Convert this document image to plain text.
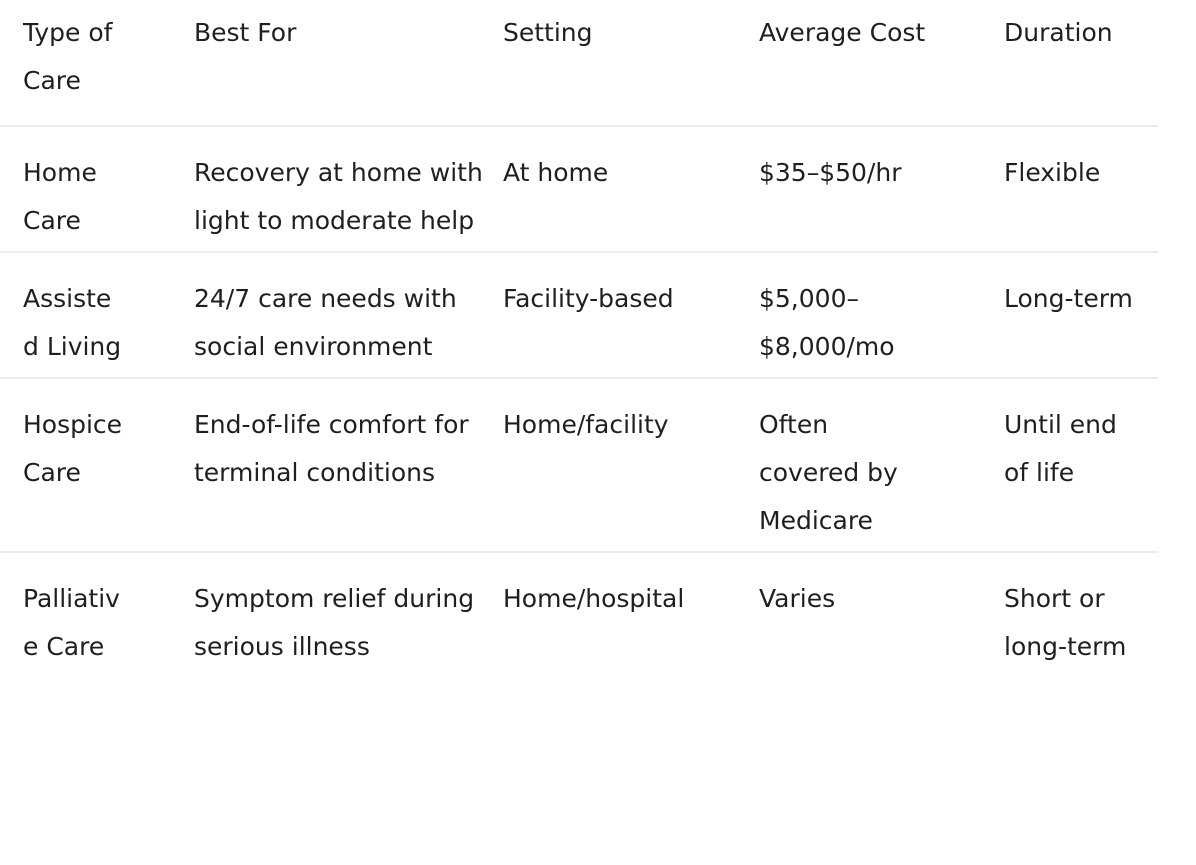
Type of Care	Best For	Setting	Average Cost	Duration
Home Care	Recovery at home with light to moderate help	At home	$35–$50/hr	Flexible
Assisted Living	24/7 care needs with social environment	Facility-based	$5,000–$8,000/mo	Long-term
Hospice Care	End-of-life comfort for terminal conditions	Home/facility	Often covered by Medicare	Until end of life
Palliative Care	Symptom relief during serious illness	Home/hospital	Varies	Short or long-term
